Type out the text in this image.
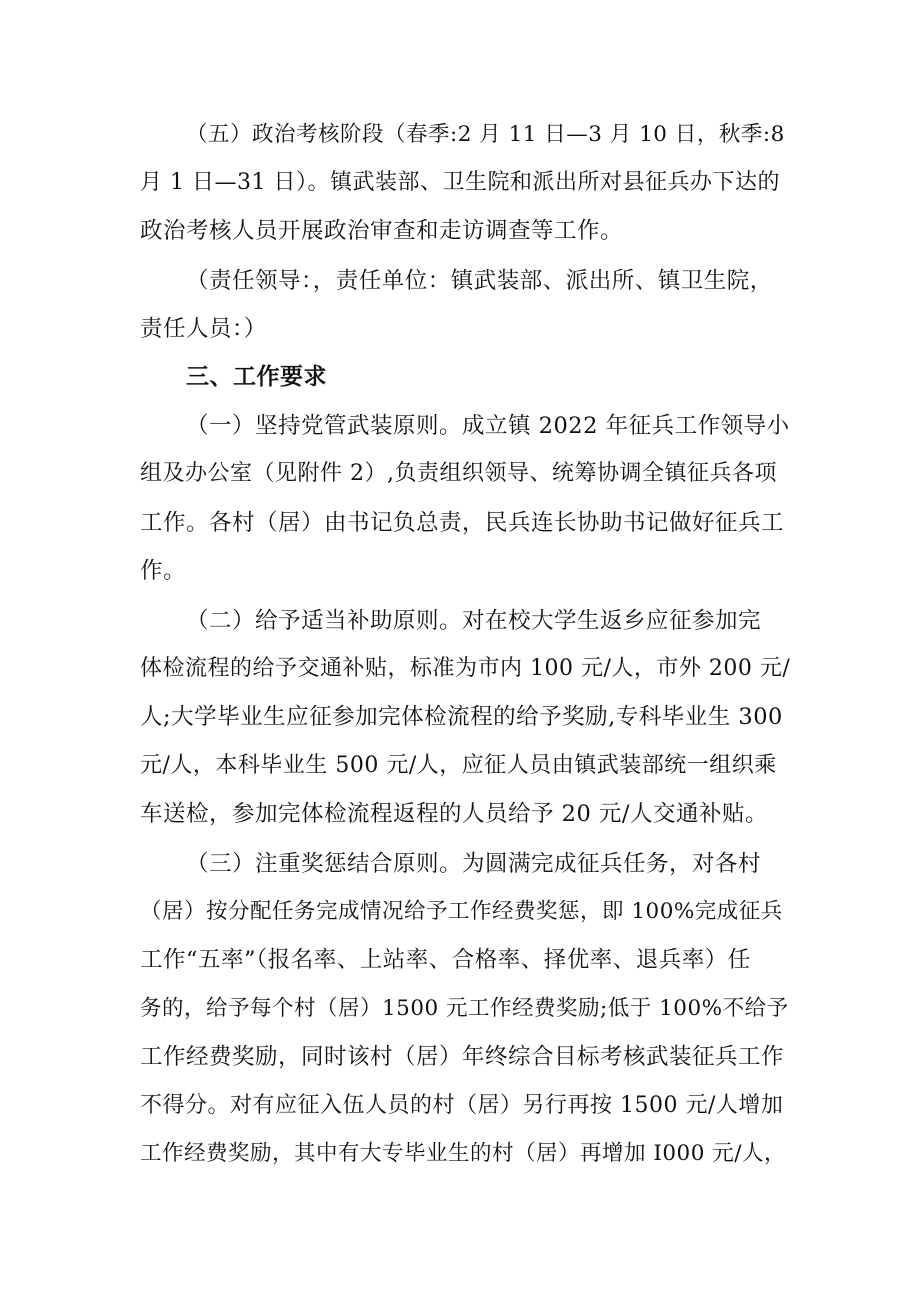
（五）政治考核阶段（春季:2 月 11 日—3 月 10 日，秋季:8
月 1 日—31 日）。镇武装部、卫生院和派出所对县征兵办下达的
政治考核人员开展政治审查和走访调查等工作。
（责任领导：，责任单位：镇武装部、派出所、镇卫生院，
责任人员：）
三、工作要求
（一）坚持党管武装原则。成立镇 2022 年征兵工作领导小
组及办公室（见附件 2）,负责组织领导、统筹协调全镇征兵各项
工作。各村（居）由书记负总责，民兵连长协助书记做好征兵工
作。
（二）给予适当补助原则。对在校大学生返乡应征参加完
体检流程的给予交通补贴，标准为市内 100 元/人，市外 200 元/
人;大学毕业生应征参加完体检流程的给予奖励,专科毕业生 300
元/人，本科毕业生 500 元/人，应征人员由镇武装部统一组织乘
车送检，参加完体检流程返程的人员给予 20 元/人交通补贴。
（三）注重奖惩结合原则。为圆满完成征兵任务，对各村
（居）按分配任务完成情况给予工作经费奖惩，即 100%完成征兵
工作“五率”（报名率、上站率、合格率、择优率、退兵率）任
务的，给予每个村（居）1500 元工作经费奖励;低于 100%不给予
工作经费奖励，同时该村（居）年终综合目标考核武装征兵工作
不得分。对有应征入伍人员的村（居）另行再按 1500 元/人增加
工作经费奖励，其中有大专毕业生的村（居）再增加 I000 元/人，
